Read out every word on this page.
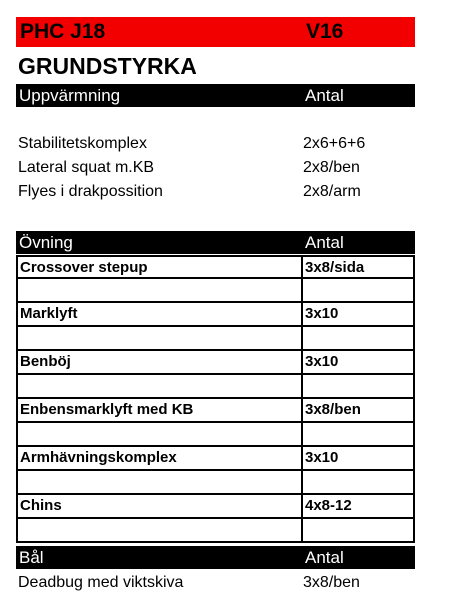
PHC J18	V16
GRUNDSTYRKA
Uppvärmning	Antal
Stabilitetskomplex	2x6+6+6
Lateral squat m.KB	2x8/ben
Flyes i drakpossition	2x8/arm
Övning	Antal
Crossover stepup	3x8/sida
Marklyft	3x10
Benböj	3x10
Enbensmarklyft med KB	3x8/ben
Armhävningskomplex	3x10
Chins	4x8-12
Bål	Antal
Deadbug med viktskiva	3x8/ben
